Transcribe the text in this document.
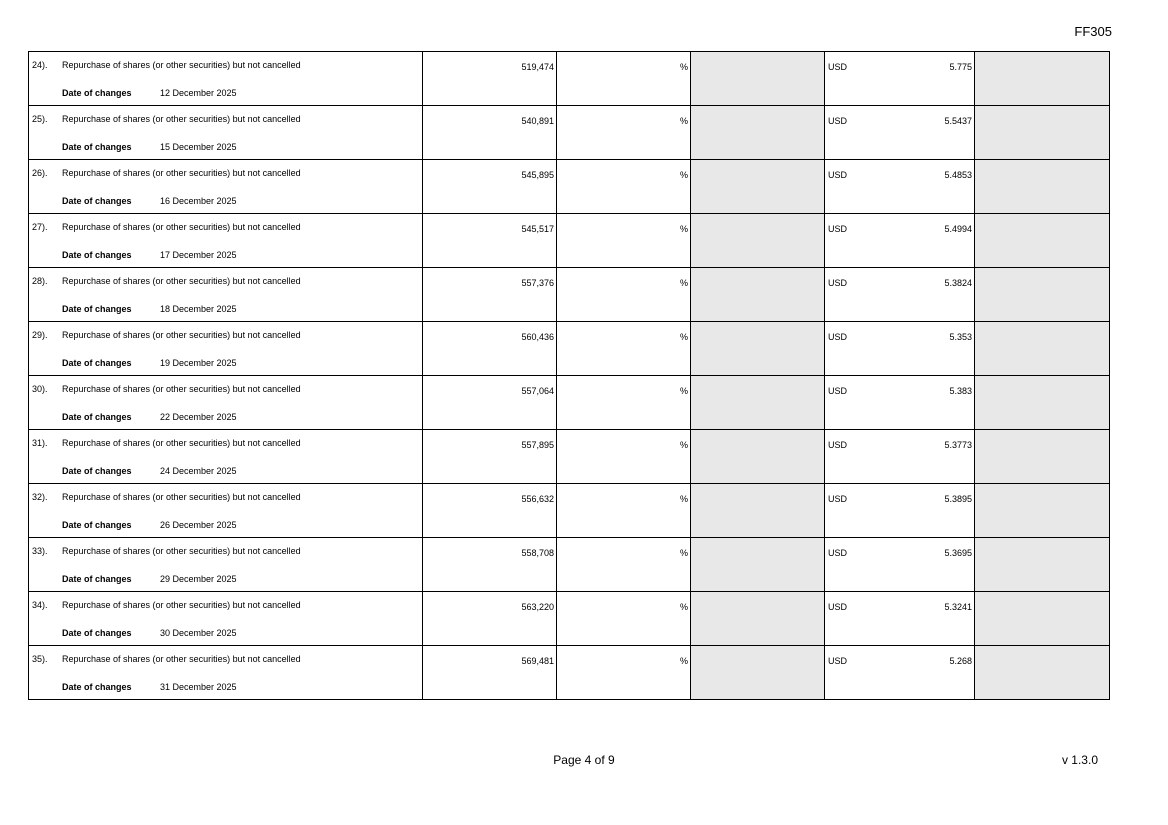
FF305
24). Repurchase of shares (or other securities) but not cancelled
Date of changes 12 December 2025	519,474	%		USD 5.775	

25). Repurchase of shares (or other securities) but not cancelled
Date of changes 15 December 2025	540,891	%		USD 5.5437	

26). Repurchase of shares (or other securities) but not cancelled
Date of changes 16 December 2025	545,895	%		USD 5.4853	

27). Repurchase of shares (or other securities) but not cancelled
Date of changes 17 December 2025	545,517	%		USD 5.4994	

28). Repurchase of shares (or other securities) but not cancelled
Date of changes 18 December 2025	557,376	%		USD 5.3824	

29). Repurchase of shares (or other securities) but not cancelled
Date of changes 19 December 2025	560,436	%		USD 5.353	

30). Repurchase of shares (or other securities) but not cancelled
Date of changes 22 December 2025	557,064	%		USD 5.383	

31). Repurchase of shares (or other securities) but not cancelled
Date of changes 24 December 2025	557,895	%		USD 5.3773	

32). Repurchase of shares (or other securities) but not cancelled
Date of changes 26 December 2025	556,632	%		USD 5.3895	

33). Repurchase of shares (or other securities) but not cancelled
Date of changes 29 December 2025	558,708	%		USD 5.3695	

34). Repurchase of shares (or other securities) but not cancelled
Date of changes 30 December 2025	563,220	%		USD 5.3241	

35). Repurchase of shares (or other securities) but not cancelled
Date of changes 31 December 2025	569,481	%		USD 5.268	

Page 4 of 9	v 1.3.0
